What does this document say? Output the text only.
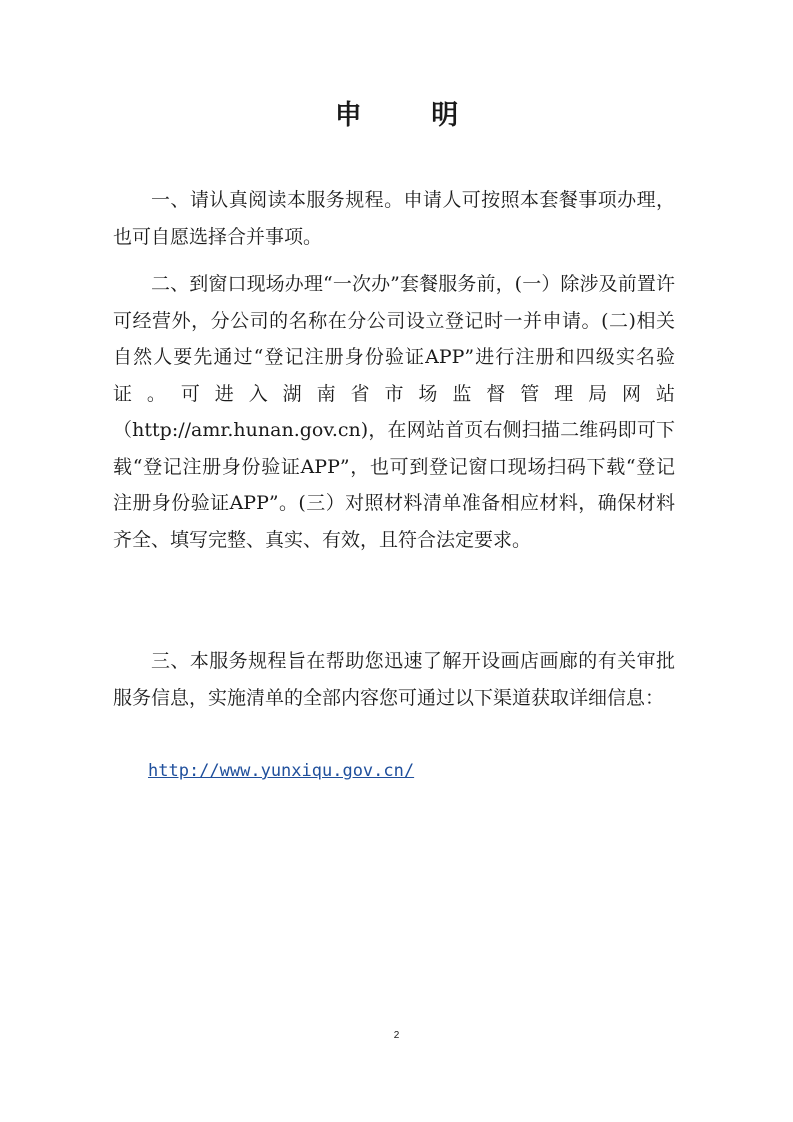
申 明

一、请认真阅读本服务规程。申请人可按照本套餐事项办理，也可自愿选择合并事项。

二、到窗口现场办理“一次办”套餐服务前，(一）除涉及前置许可经营外，分公司的名称在分公司设立登记时一并申请。(二)相关自然人要先通过“登记注册身份验证APP”进行注册和四级实名验证。可进入湖南省市场监督管理局网站（http://amr.hunan.gov.cn)，在网站首页右侧扫描二维码即可下载“登记注册身份验证APP”，也可到登记窗口现场扫码下载“登记注册身份验证APP”。(三）对照材料清单准备相应材料，确保材料齐全、填写完整、真实、有效，且符合法定要求。

三、本服务规程旨在帮助您迅速了解开设画店画廊的有关审批服务信息，实施清单的全部内容您可通过以下渠道获取详细信息：

http://www.yunxiqu.gov.cn/
2
